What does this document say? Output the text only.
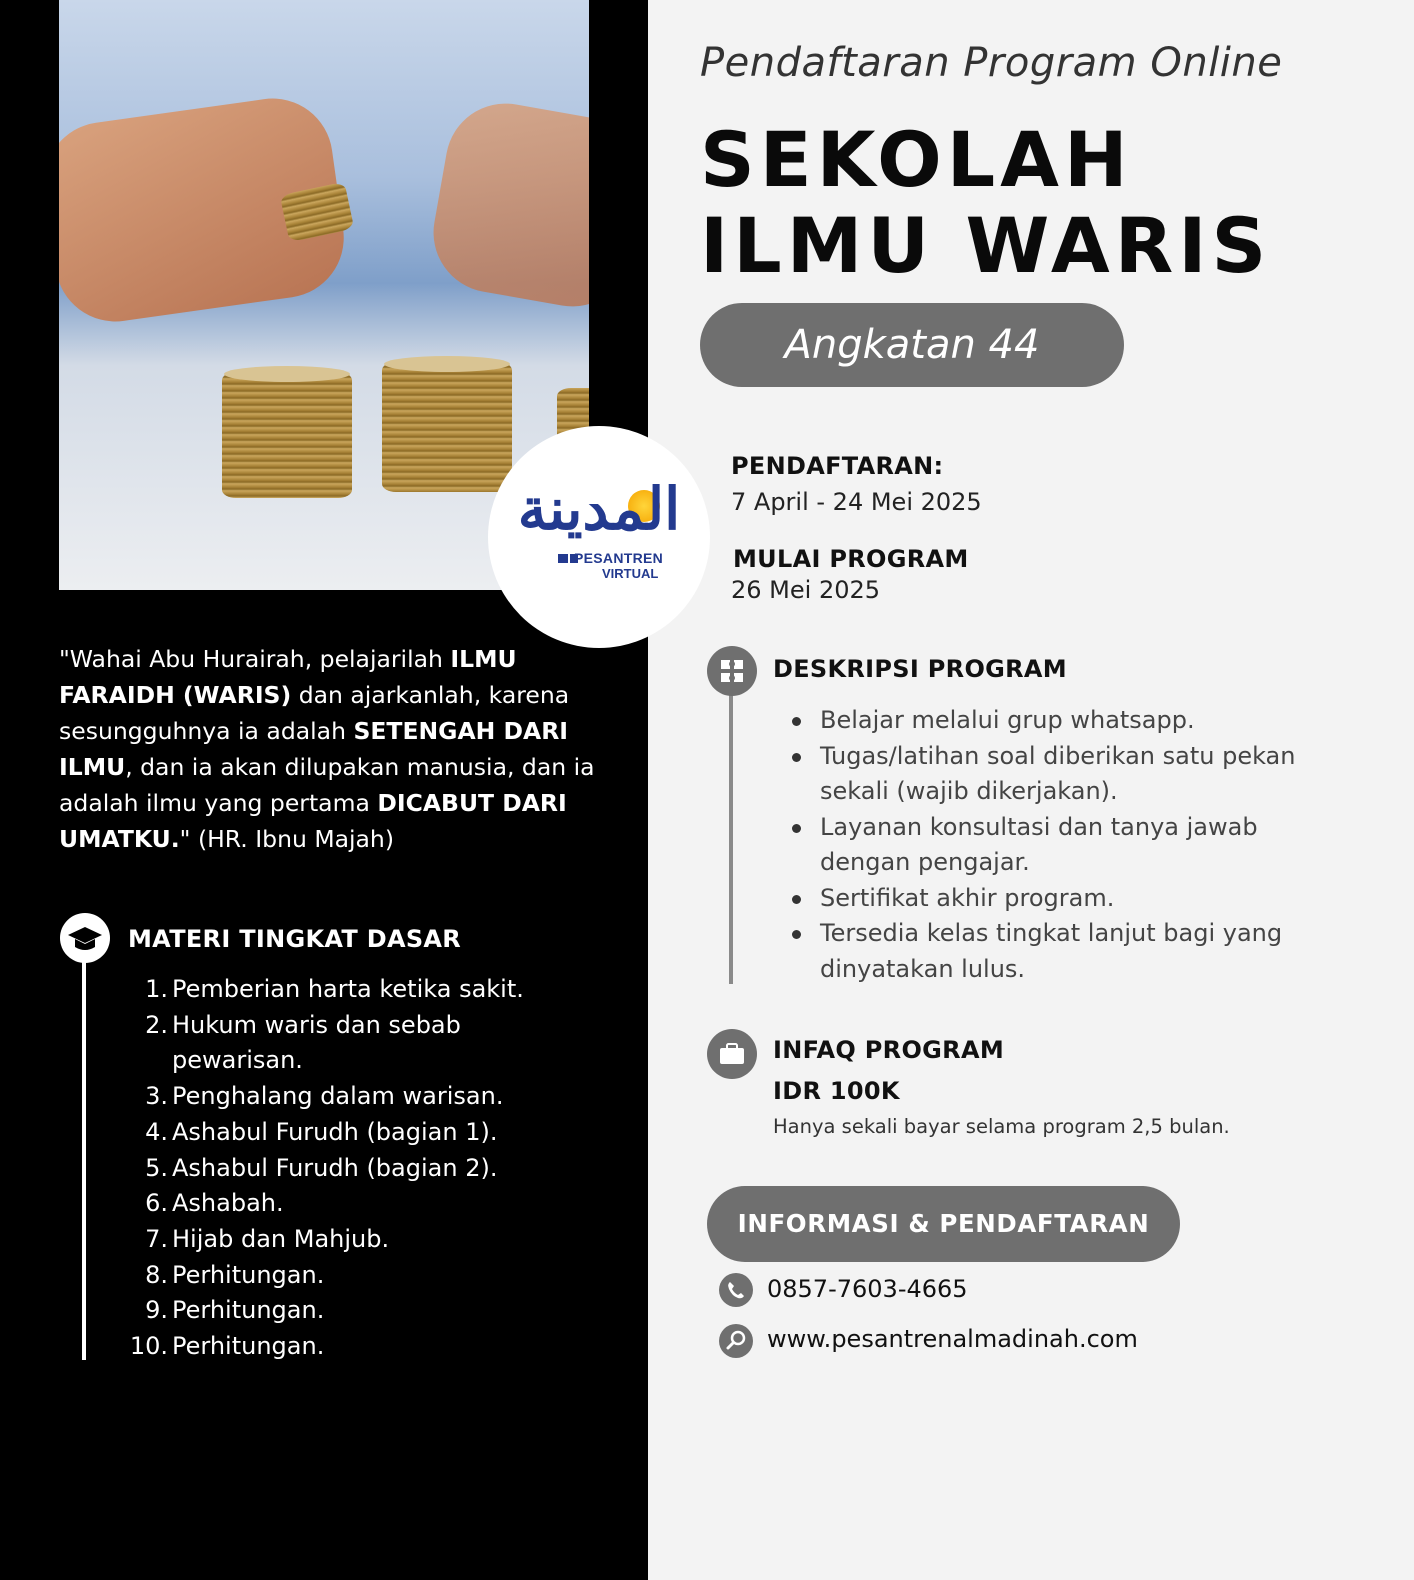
المدينة
PESANTREN
VIRTUAL
"Wahai Abu Hurairah, pelajarilah ILMU FARAIDH (WARIS) dan ajarkanlah, karena sesungguhnya ia adalah SETENGAH DARI ILMU, dan ia akan dilupakan manusia, dan ia adalah ilmu yang pertama DICABUT DARI UMATKU." (HR. Ibnu Majah)
MATERI TINGKAT DASAR
1. Pemberian harta ketika sakit.
2. Hukum waris dan sebab pewarisan.
3. Penghalang dalam warisan.
4. Ashabul Furudh (bagian 1).
5. Ashabul Furudh (bagian 2).
6. Ashabah.
7. Hijab dan Mahjub.
8. Perhitungan.
9. Perhitungan.
10. Perhitungan.
Pendaftaran Program Online
SEKOLAH
ILMU WARIS
Angkatan 44
PENDAFTARAN:
7 April - 24 Mei 2025
MULAI PROGRAM
26 Mei 2025
DESKRIPSI PROGRAM
Belajar melalui grup whatsapp.
Tugas/latihan soal diberikan satu pekan sekali (wajib dikerjakan).
Layanan konsultasi dan tanya jawab dengan pengajar.
Sertifikat akhir program.
Tersedia kelas tingkat lanjut bagi yang dinyatakan lulus.
INFAQ PROGRAM
IDR 100K
Hanya sekali bayar selama program 2,5 bulan.
INFORMASI & PENDAFTARAN
0857-7603-4665
www.pesantrenalmadinah.com
